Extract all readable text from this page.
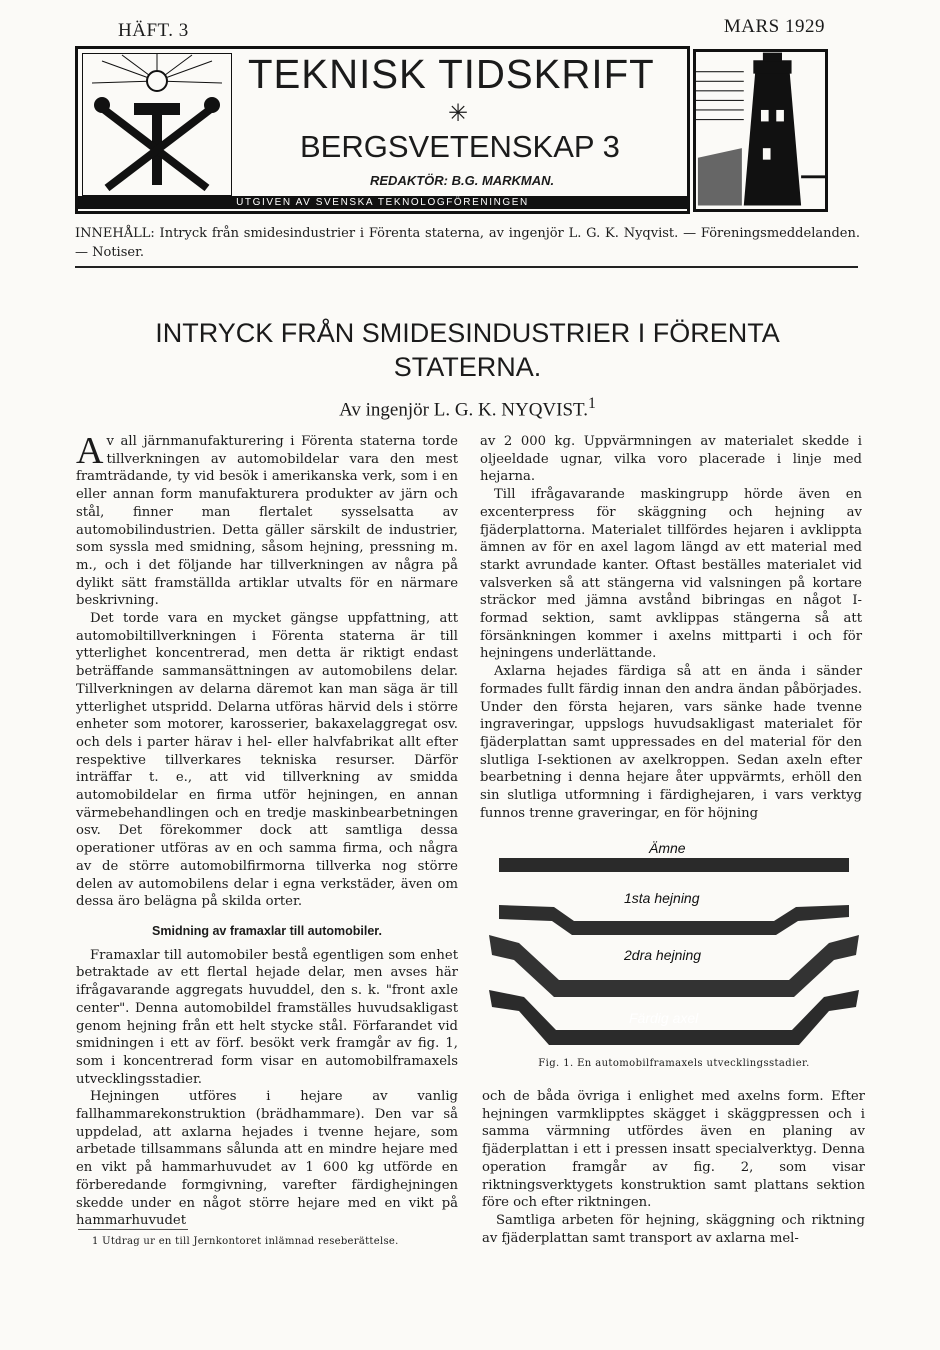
HÄFT. 3	MARS 1929
TEKNISK TIDSKRIFT
✳
BERGSVETENSKAP 3
REDAKTÖR: B.G. MARKMAN.
UTGIVEN AV SVENSKA TEKNOLOGFÖRENINGEN
INNEHÅLL: Intryck från smidesindustrier i Förenta staterna, av ingenjör L. G. K. Nyqvist. — Föreningsmeddelanden. — Notiser.
INTRYCK FRÅN SMIDESINDUSTRIER I FÖRENTA STATERNA.
Av ingenjör L. G. K. NYQVIST.$^1$

Av all järnmanufakturering i Förenta staterna torde tillverkningen av automobildelar vara den mest framträdande, ty vid besök i amerikanska verk, som i en eller annan form manufakturera produkter av järn och stål, finner man flertalet sysselsatta av automobilindustrien. Detta gäller särskilt de industrier, som syssla med smidning, såsom hejning, pressning m. m., och i det följande har tillverkningen av några på dylikt sätt framställda artiklar utvalts för en närmare beskrivning.

Det torde vara en mycket gängse uppfattning, att automobiltillverkningen i Förenta staterna är till ytterlighet koncentrerad, men detta är riktigt endast beträffande sammansättningen av automobilens delar. Tillverkningen av delarna däremot kan man säga är till ytterlighet utspridd. Delarna utföras härvid dels i större enheter som motorer, karosserier, bakaxelaggregat osv. och dels i parter härav i hel- eller halvfabrikat allt efter respektive tillverkares tekniska resurser. Därför inträffar t. e., att vid tillverkning av smidda automobildelar en firma utför hejningen, en annan värmebehandlingen och en tredje maskinbearbetningen osv. Det förekommer dock att samtliga dessa operationer utföras av en och samma firma, och några av de större automobilfirmorna tillverka nog större delen av automobilens delar i egna verkstäder, även om dessa äro belägna på skilda orter.

Smidning av framaxlar till automobiler.

Framaxlar till automobiler bestå egentligen som enhet betraktade av ett flertal hejade delar, men avses här ifrågavarande aggregats huvuddel, den s. k. "front axle center". Denna automobildel framställes huvudsakligast genom hejning från ett helt stycke stål. Förfarandet vid smidningen i ett av förf. besökt verk framgår av fig. 1, som i koncentrerad form visar en automobilframaxels utvecklingsstadier.

Hejningen utföres i hejare av vanlig fallhammarekonstruktion (brädhammare). Den var så uppdelad, att axlarna hejades i tvenne hejare, som arbetade tillsammans sålunda att en mindre hejare med en vikt på hammarhuvudet av 1 600 kg utförde en förberedande formgivning, varefter färdighejningen skedde under en något större hejare med en vikt på hammarhuvudet

av 2 000 kg. Uppvärmningen av materialet skedde i oljeeldade ugnar, vilka voro placerade i linje med hejarna.

Till ifrågavarande maskingrupp hörde även en excenterpress för skäggning och hejning av fjäderplattorna. Materialet tillfördes hejaren i avklippta ämnen av för en axel lagom längd av ett material med starkt avrundade kanter. Oftast beställes materialet vid valsverken så att stängerna vid valsningen på kortare sträckor med jämna avstånd bibringas en något I-formad sektion, samt avklippas stängerna så att försänkningen kommer i axelns mittparti i och för hejningens underlättande.

Axlarna hejades färdiga så att en ända i sänder formades fullt färdig innan den andra ändan påbörjades. Under den första hejaren, vars sänke hade tvenne ingraveringar, uppslogs huvudsakligast materialet för fjäderplattan samt uppressades en del material för den slutliga I-sektionen av axelkroppen. Sedan axeln efter bearbetning i denna hejare åter uppvärmts, erhöll den sin slutliga utformning i färdighejaren, i vars verktyg funnos trenne graveringar, en för höjning

Ämne
1sta hejning
2dra hejning
Färdig axel
Fig. 1. En automobilframaxels utvecklingsstadier.

och de båda övriga i enlighet med axelns form. Efter hejningen varmklipptes skägget i skäggpressen och i samma värmning utfördes även en planing av fjäderplattan i ett i pressen insatt specialverktyg. Denna operation framgår av fig. 2, som visar riktningsverktygets konstruktion samt plattans sektion före och efter riktningen.

Samtliga arbeten för hejning, skäggning och riktning av fjäderplattan samt transport av axlarna mel-

1 Utdrag ur en till Jernkontoret inlämnad reseberättelse.
